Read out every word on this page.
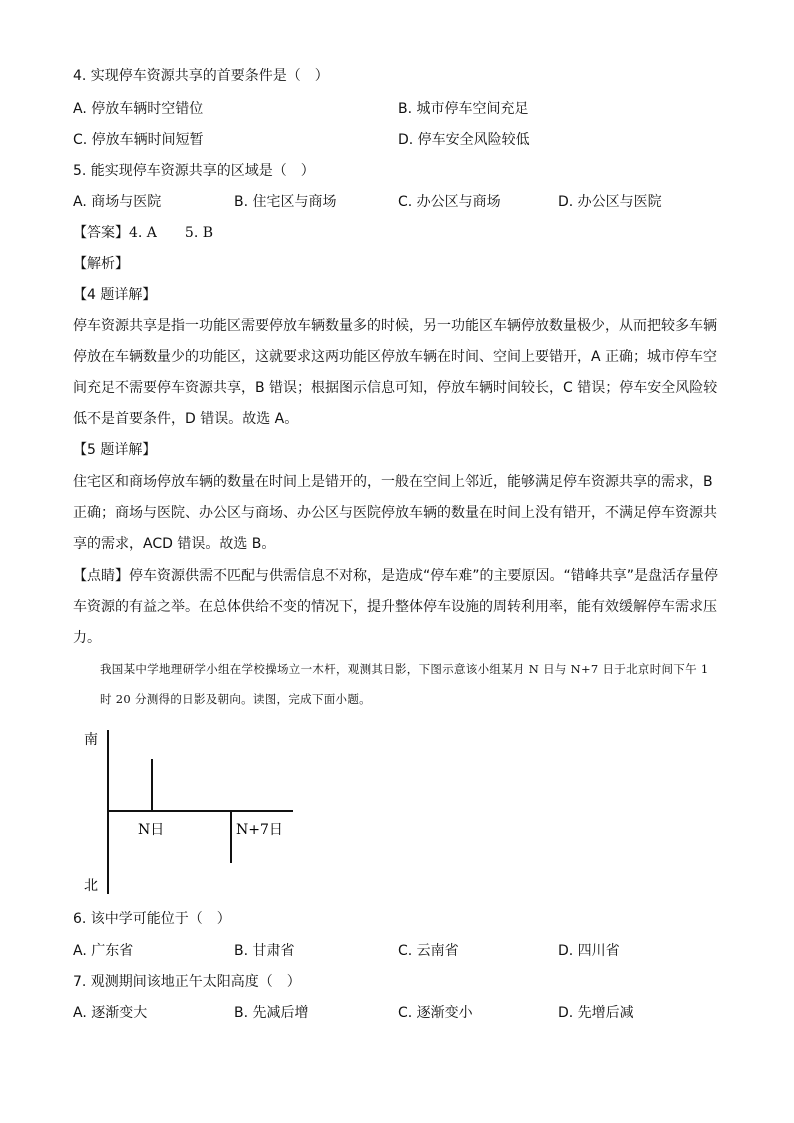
4. 实现停车资源共享的首要条件是（　）
A. 停放车辆时空错位	B. 城市停车空间充足
C. 停放车辆时间短暂	D. 停车安全风险较低
5. 能实现停车资源共享的区域是（　）
A. 商场与医院	B. 住宅区与商场	C. 办公区与商场	D. 办公区与医院
【答案】4. A　　5. B
【解析】
【4 题详解】
停车资源共享是指一功能区需要停放车辆数量多的时候，另一功能区车辆停放数量极少，从而把较多车辆停放在车辆数量少的功能区，这就要求这两功能区停放车辆在时间、空间上要错开，A 正确；城市停车空间充足不需要停车资源共享，B 错误；根据图示信息可知，停放车辆时间较长，C 错误；停车安全风险较低不是首要条件，D 错误。故选 A。
【5 题详解】
住宅区和商场停放车辆的数量在时间上是错开的，一般在空间上邻近，能够满足停车资源共享的需求，B 正确；商场与医院、办公区与商场、办公区与医院停放车辆的数量在时间上没有错开，不满足停车资源共享的需求，ACD 错误。故选 B。
【点睛】停车资源供需不匹配与供需信息不对称，是造成“停车难”的主要原因。“错峰共享”是盘活存量停车资源的有益之举。在总体供给不变的情况下，提升整体停车设施的周转利用率，能有效缓解停车需求压力。
我国某中学地理研学小组在学校操场立一木杆，观测其日影，下图示意该小组某月 N 日与 N+7 日于北京时间下午 1 时 20 分测得的日影及朝向。读图，完成下面小题。
南
北
N日	N+7日
6. 该中学可能位于（　）
A. 广东省	B. 甘肃省	C. 云南省	D. 四川省
7. 观测期间该地正午太阳高度（　）
A. 逐渐变大	B. 先减后增	C. 逐渐变小	D. 先增后减
